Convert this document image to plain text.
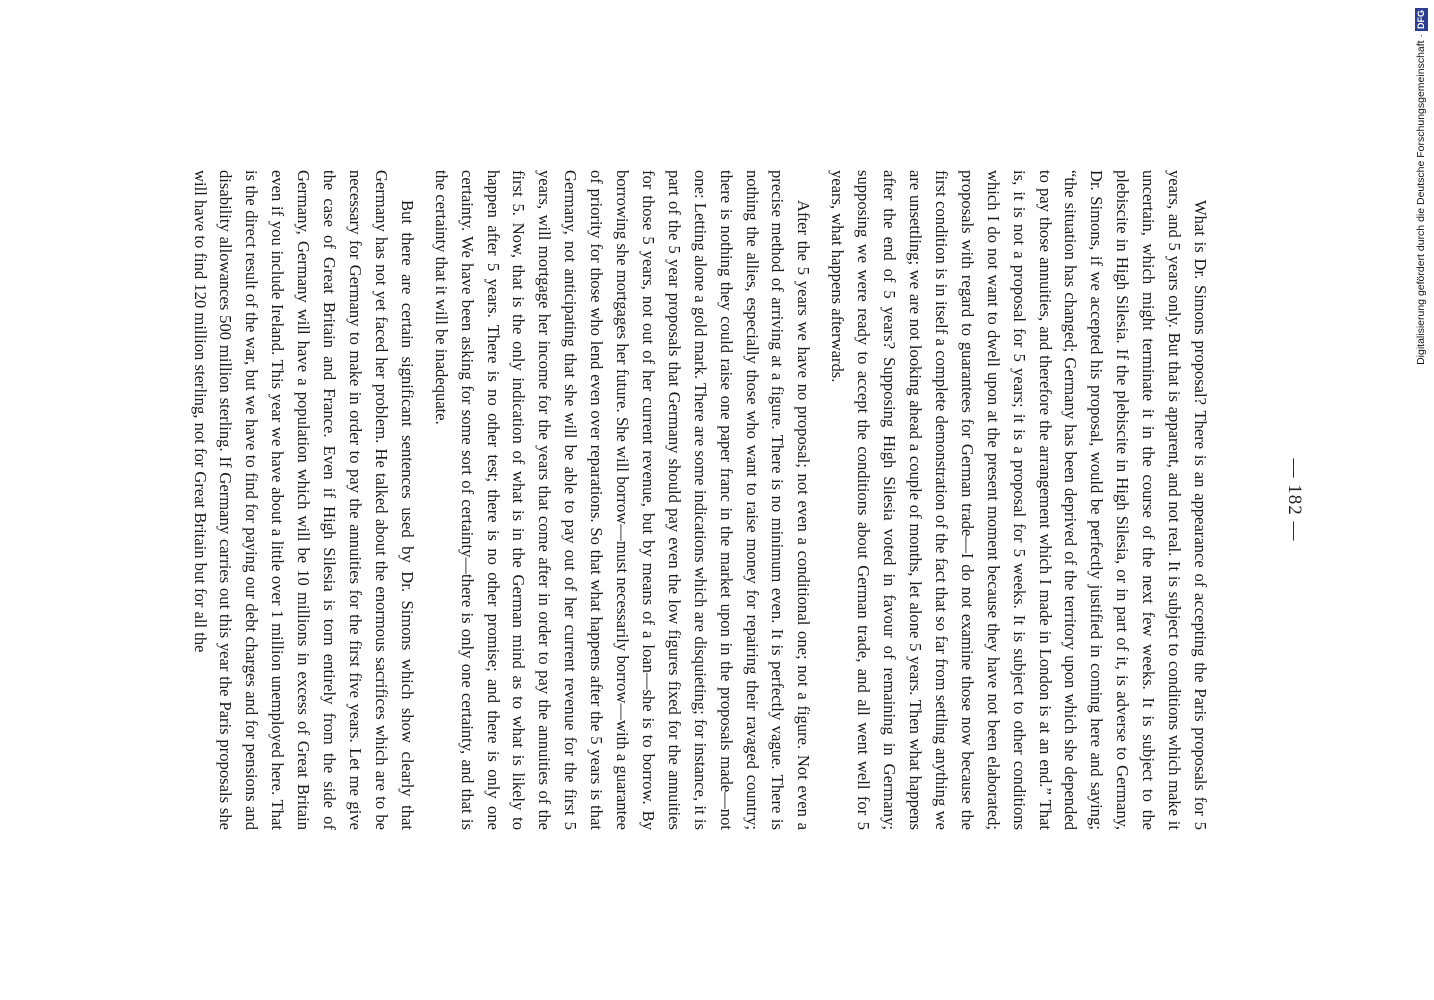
— 182 —

What is Dr. Simons proposal? There is an appearance of accepting the Paris proposals for 5 years, and 5 years only. But that is apparent, and not real. It is subject to conditions which make it uncertain, which might terminate it in the course of the next few weeks. It is subject to the plebiscite in High Silesia. If the plebiscite in High Silesia, or in part of it, is adverse to Germany, Dr. Simons, if we accepted his proposal, would be perfectly justified in coming here and saying; “the situation has changed; Germany has been deprived of the territory upon which she depended to pay those annuities, and therefore the arrangement which I made in London is at an end.” That is, it is not a proposal for 5 years; it is a proposal for 5 weeks. It is subject to other conditions which I do not want to dwell upon at the present moment because they have not been elaborated; proposals with regard to guarantees for German trade—I do not examine those now because the first condition is in itself a complete demonstration of the fact that so far from settling anything we are unsettling; we are not looking ahead a couple of months, let alone 5 years. Then what happens after the end of 5 years? Supposing High Silesia voted in favour of remaining in Germany; supposing we were ready to accept the conditions about German trade, and all went well for 5 years, what happens afterwards.

After the 5 years we have no proposal; not even a conditional one; not a figure. Not even a precise method of arriving at a figure. There is no minimum even. It is perfectly vague. There is nothing the allies, especially those who want to raise money for repairing their ravaged country; there is nothing they could raise one paper franc in the market upon in the proposals made—not one: Letting alone a gold mark. There are some indications which are disquieting; for instance, it is part of the 5 year proposals that Germany should pay even the low figures fixed for the annuities for those 5 years, not out of her current revenue, but by means of a loan—she is to borrow. By borrowing she mortgages her future. She will borrow—must necessarily borrow—with a guarantee of priority for those who lend even over reparations. So that what happens after the 5 years is that Germany, not anticipating that she will be able to pay out of her current revenue for the first 5 years, will mortgage her income for the years that come after in order to pay the annuities of the first 5. Now, that is the only indication of what is in the German mind as to what is likely to happen after 5 years. There is no other test; there is no other promise; and there is only one certainty. We have been asking for some sort of certainty—there is only one certainty, and that is the certainty that it will be inadequate.

But there are certain significant sentences used by Dr. Simons which show clearly that Germany has not yet faced her problem. He talked about the enormous sacrifices which are to be necessary for Germany to make in order to pay the annuities for the first five years. Let me give the case of Great Britain and France. Even if High Silesia is torn entirely from the side of Germany, Germany will have a population which will be 10 millions in excess of Great Britain even if you include Ireland. This year we have about a little over 1 million unemployed here. That is the direct result of the war, but we have to find for paying our debt charges and for pensions and disability allowances 500 million sterling. If Germany carries out this year the Paris proposals she will have to find 120 million sterling, not for Great Britain but for all the	Digitalisierung gefördert durch die Deutsche Forschungsgemeinschaft ·DFG
